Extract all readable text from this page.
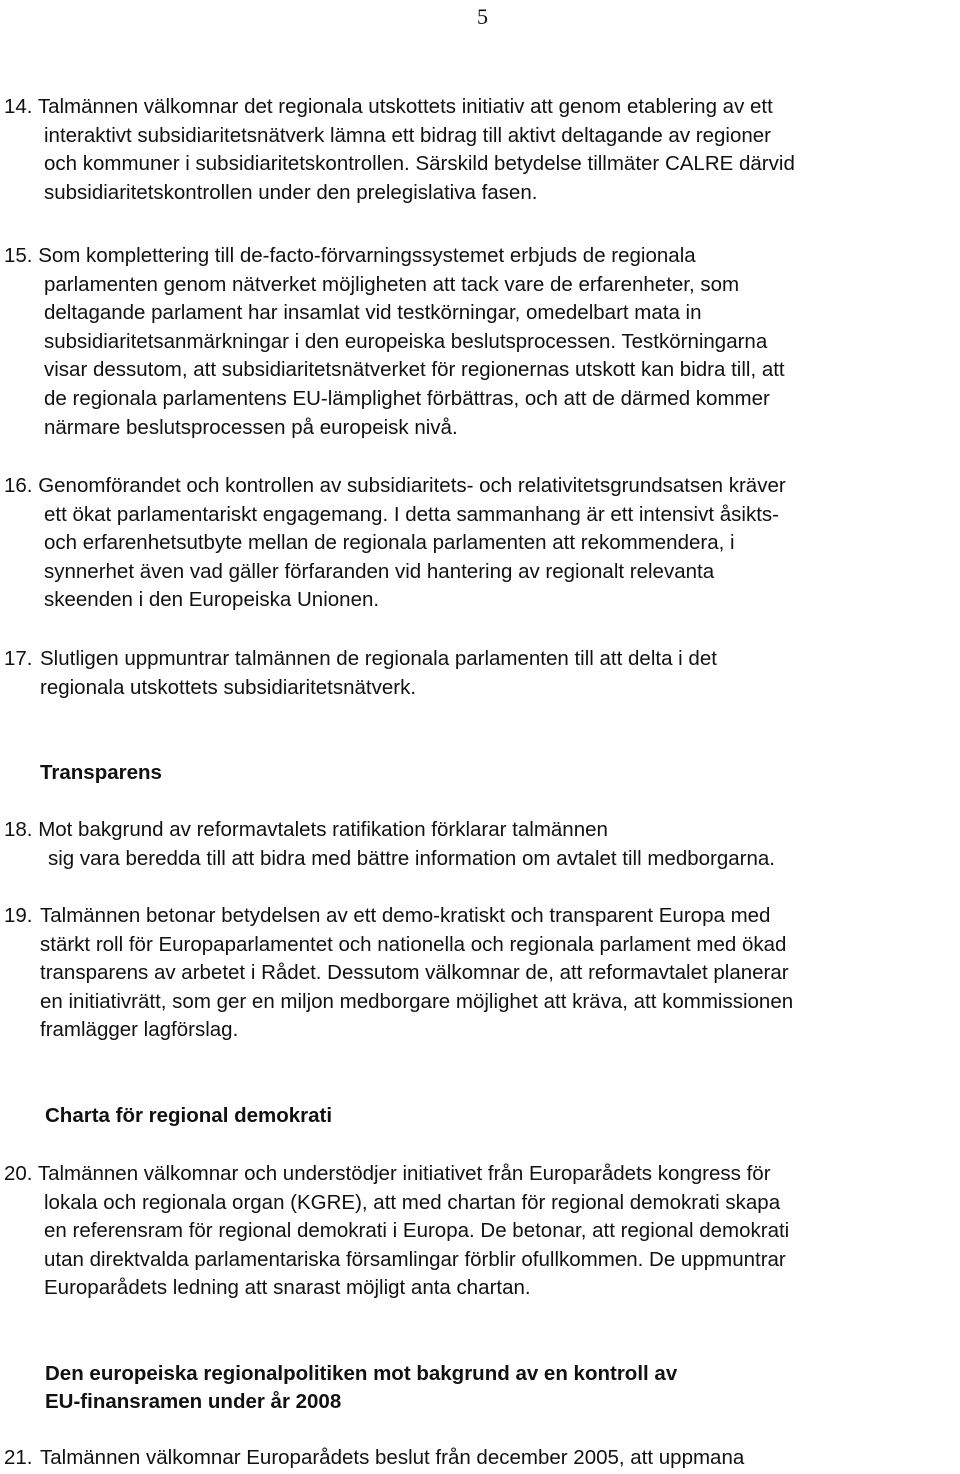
5
14. Talmännen välkomnar det regionala utskottets initiativ att genom etablering av ett
interaktivt subsidiaritetsnätverk lämna ett bidrag till aktivt deltagande av regioner
och kommuner i subsidiaritetskontrollen. Särskild betydelse tillmäter CALRE därvid
subsidiaritetskontrollen under den prelegislativa fasen.
15. Som komplettering till de-facto-förvarningssystemet erbjuds de regionala
parlamenten genom nätverket möjligheten att tack vare de erfarenheter, som
deltagande parlament har insamlat vid testkörningar, omedelbart mata in
subsidiaritetsanmärkningar i den europeiska beslutsprocessen. Testkörningarna
visar dessutom, att subsidiaritetsnätverket för regionernas utskott kan bidra till, att
de regionala parlamentens EU-lämplighet förbättras, och att de därmed kommer
närmare beslutsprocessen på europeisk nivå.
16. Genomförandet och kontrollen av subsidiaritets- och relativitetsgrundsatsen kräver
ett ökat parlamentariskt engagemang. I detta sammanhang är ett intensivt åsikts-
och erfarenhetsutbyte mellan de regionala parlamenten att rekommendera, i
synnerhet även vad gäller förfaranden vid hantering av regionalt relevanta
skeenden i den Europeiska Unionen.
17. Slutligen uppmuntrar talmännen de regionala parlamenten till att delta i det
regionala utskottets subsidiaritetsnätverk.
Transparens
18. Mot bakgrund av reformavtalets ratifikation förklarar talmännen
sig vara beredda till att bidra med bättre information om avtalet till medborgarna.
19. Talmännen betonar betydelsen av ett demo-kratiskt och transparent Europa med
stärkt roll för Europaparlamentet och nationella och regionala parlament med ökad
transparens av arbetet i Rådet. Dessutom välkomnar de, att reformavtalet planerar
en initiativrätt, som ger en miljon medborgare möjlighet att kräva, att kommissionen
framlägger lagförslag.
Charta för regional demokrati
20. Talmännen välkomnar och understödjer initiativet från Europarådets kongress för
lokala och regionala organ (KGRE), att med chartan för regional demokrati skapa
en referensram för regional demokrati i Europa. De betonar, att regional demokrati
utan direktvalda parlamentariska församlingar förblir ofullkommen. De uppmuntrar
Europarådets ledning att snarast möjligt anta chartan.
Den europeiska regionalpolitiken mot bakgrund av en kontroll av
EU-finansramen under år 2008
21. Talmännen välkomnar Europarådets beslut från december 2005, att uppmana
